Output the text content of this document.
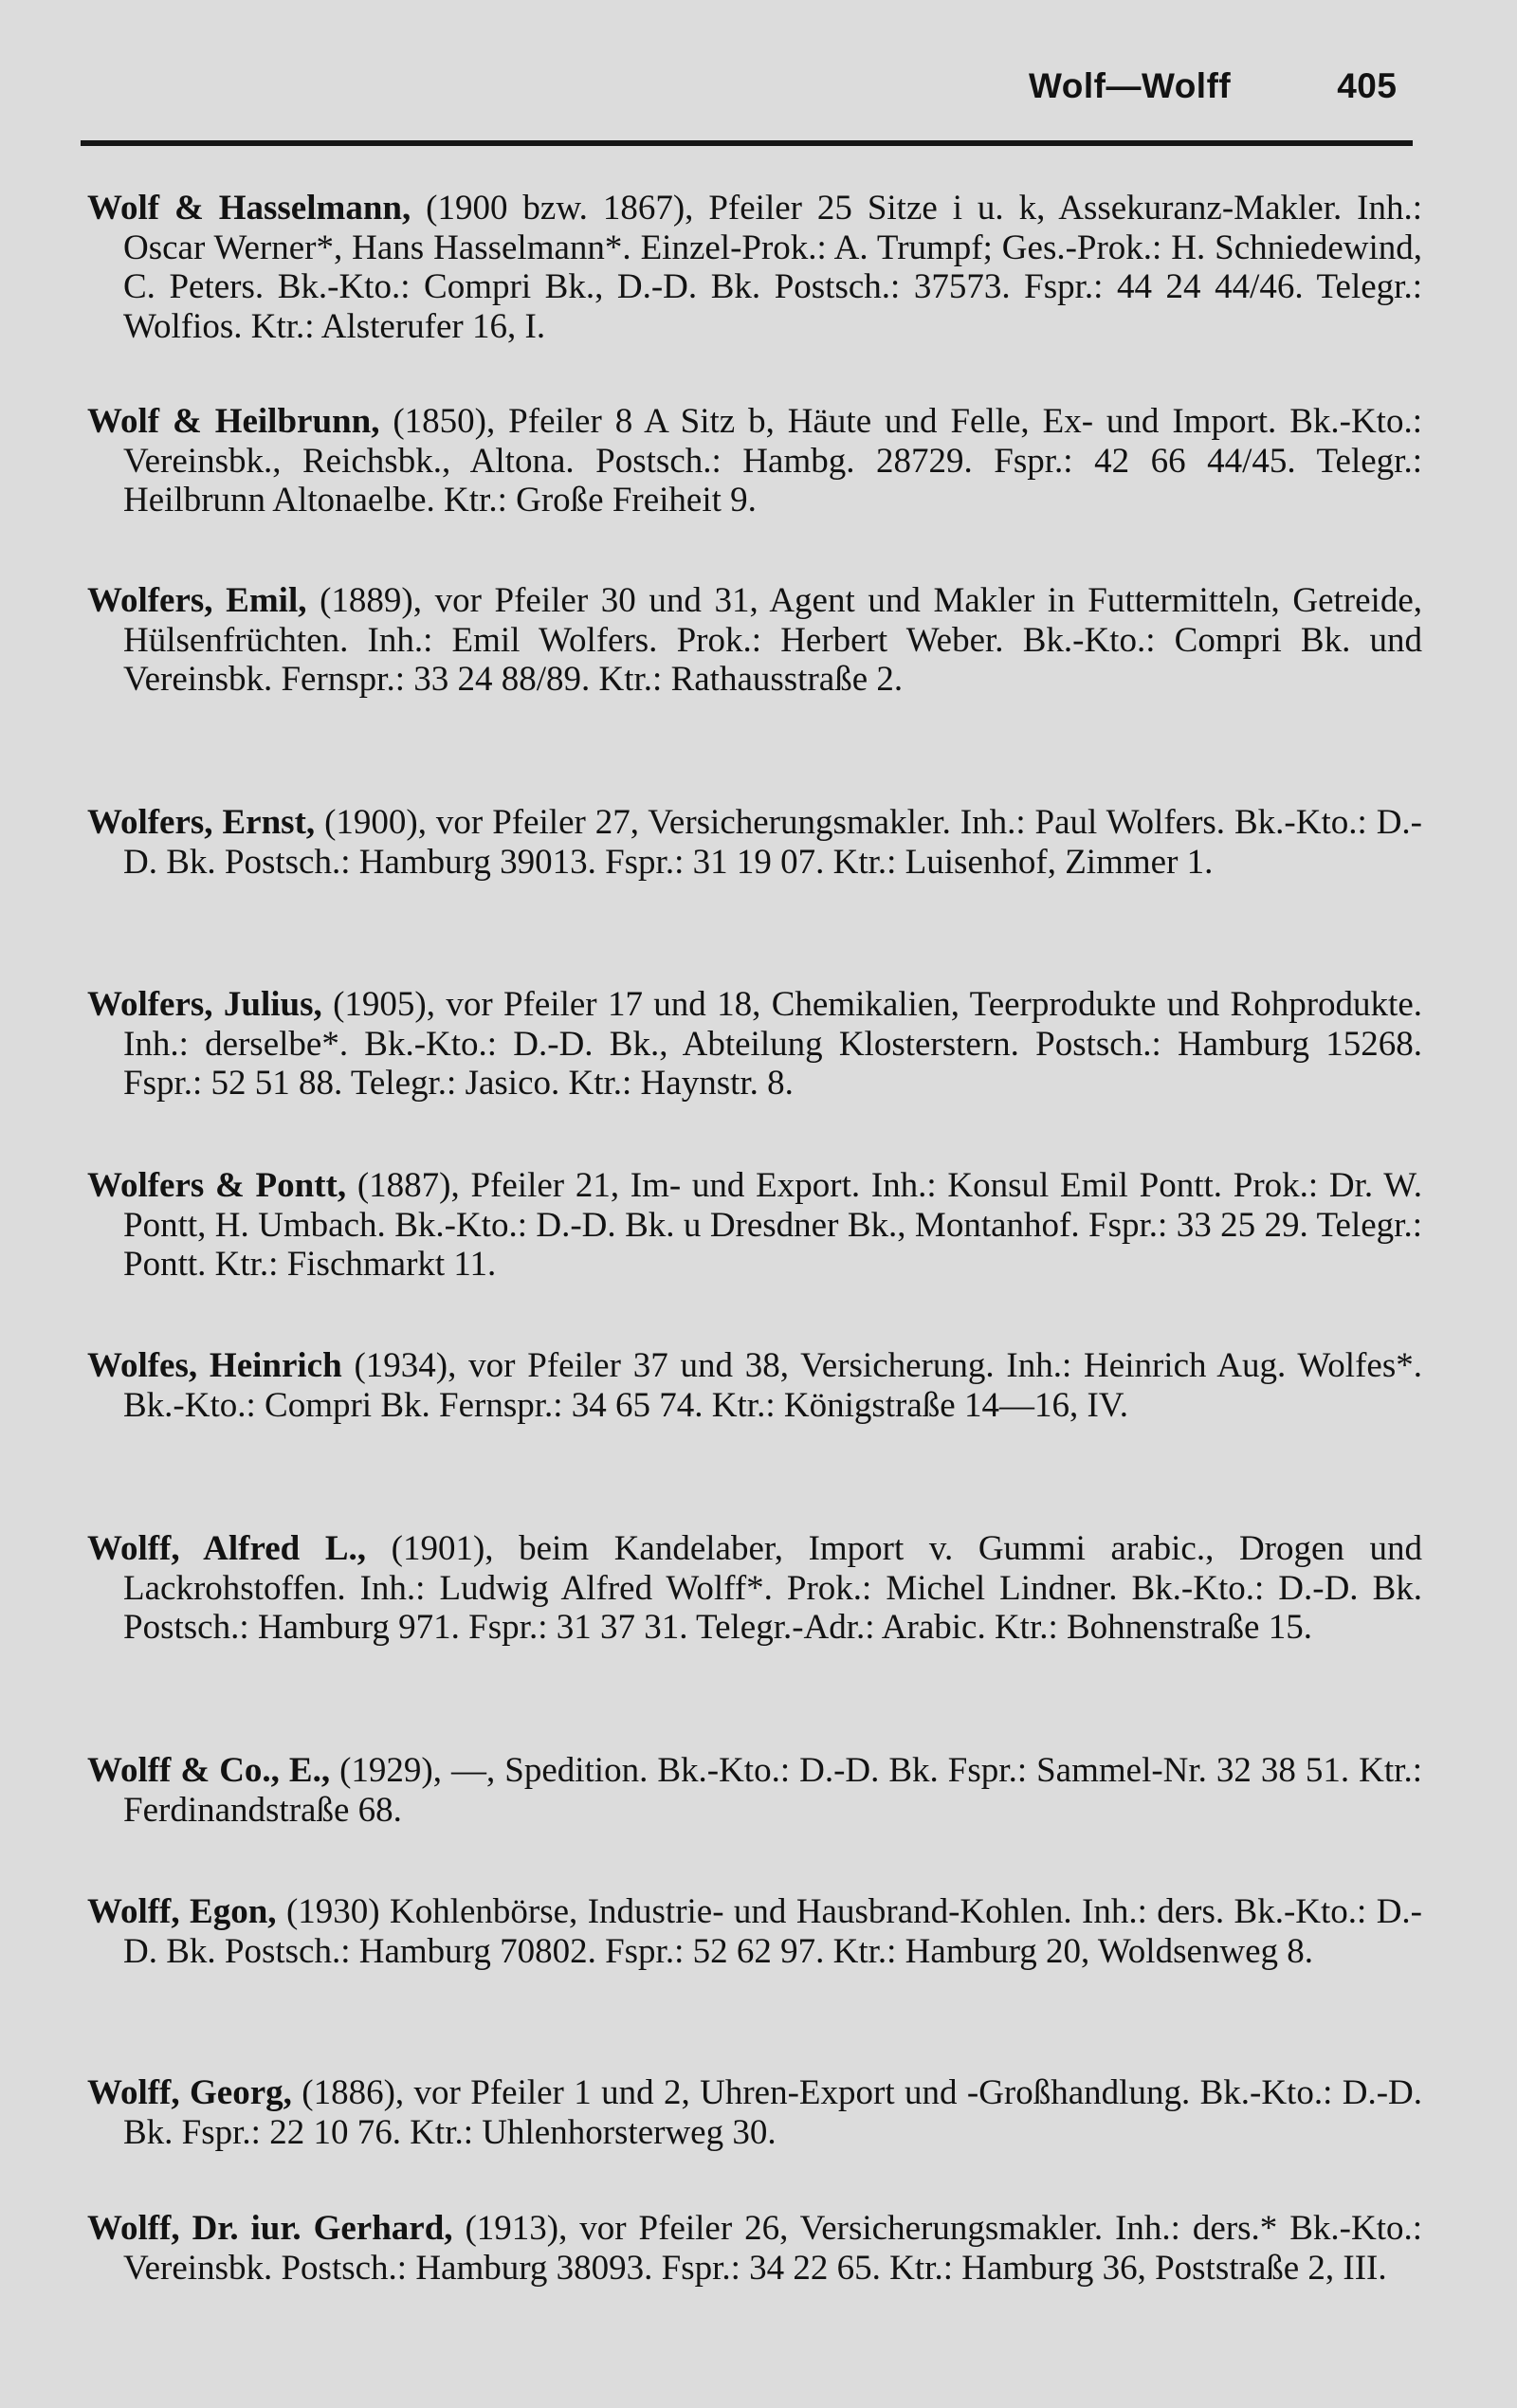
Wolf—Wolff	405
Wolf & Hasselmann, (1900 bzw. 1867), Pfeiler 25 Sitze i u. k, Assekuranz-Makler. Inh.: Oscar Werner*, Hans Hasselmann*. Einzel-Prok.: A. Trumpf; Ges.-Prok.: H. Schniedewind, C. Peters. Bk.-Kto.: Compri Bk., D.-D. Bk. Postsch.: 37573. Fspr.: 44 24 44/46. Telegr.: Wolfios. Ktr.: Alsterufer 16, I.
Wolf & Heilbrunn, (1850), Pfeiler 8 A Sitz b, Häute und Felle, Ex- und Import. Bk.-Kto.: Vereinsbk., Reichsbk., Altona. Postsch.: Hambg. 28729. Fspr.: 42 66 44/45. Telegr.: Heilbrunn Altonaelbe. Ktr.: Große Freiheit 9.
Wolfers, Emil, (1889), vor Pfeiler 30 und 31, Agent und Makler in Futtermitteln, Getreide, Hülsenfrüchten. Inh.: Emil Wolfers. Prok.: Herbert Weber. Bk.-Kto.: Compri Bk. und Vereinsbk. Fernspr.: 33 24 88/89. Ktr.: Rathausstraße 2.
Wolfers, Ernst, (1900), vor Pfeiler 27, Versicherungsmakler. Inh.: Paul Wolfers. Bk.-Kto.: D.-D. Bk. Postsch.: Hamburg 39013. Fspr.: 31 19 07. Ktr.: Luisenhof, Zimmer 1.
Wolfers, Julius, (1905), vor Pfeiler 17 und 18, Chemikalien, Teerprodukte und Rohprodukte. Inh.: derselbe*. Bk.-Kto.: D.-D. Bk., Abteilung Klosterstern. Postsch.: Hamburg 15268. Fspr.: 52 51 88. Telegr.: Jasico. Ktr.: Haynstr. 8.
Wolfers & Pontt, (1887), Pfeiler 21, Im- und Export. Inh.: Konsul Emil Pontt. Prok.: Dr. W. Pontt, H. Umbach. Bk.-Kto.: D.-D. Bk. u Dresdner Bk., Montanhof. Fspr.: 33 25 29. Telegr.: Pontt. Ktr.: Fischmarkt 11.
Wolfes, Heinrich (1934), vor Pfeiler 37 und 38, Versicherung. Inh.: Heinrich Aug. Wolfes*. Bk.-Kto.: Compri Bk. Fernspr.: 34 65 74. Ktr.: Königstraße 14—16, IV.
Wolff, Alfred L., (1901), beim Kandelaber, Import v. Gummi arabic., Drogen und Lackrohstoffen. Inh.: Ludwig Alfred Wolff*. Prok.: Michel Lindner. Bk.-Kto.: D.-D. Bk. Postsch.: Hamburg 971. Fspr.: 31 37 31. Telegr.-Adr.: Arabic. Ktr.: Bohnenstraße 15.
Wolff & Co., E., (1929), —, Spedition. Bk.-Kto.: D.-D. Bk. Fspr.: Sammel-Nr. 32 38 51. Ktr.: Ferdinandstraße 68.
Wolff, Egon, (1930) Kohlenbörse, Industrie- und Hausbrand-Kohlen. Inh.: ders. Bk.-Kto.: D.-D. Bk. Postsch.: Hamburg 70802. Fspr.: 52 62 97. Ktr.: Hamburg 20, Woldsenweg 8.
Wolff, Georg, (1886), vor Pfeiler 1 und 2, Uhren-Export und -Großhandlung. Bk.-Kto.: D.-D. Bk. Fspr.: 22 10 76. Ktr.: Uhlenhorsterweg 30.
Wolff, Dr. iur. Gerhard, (1913), vor Pfeiler 26, Versicherungsmakler. Inh.: ders.* Bk.-Kto.: Vereinsbk. Postsch.: Hamburg 38093. Fspr.: 34 22 65. Ktr.: Hamburg 36, Poststraße 2, III.
